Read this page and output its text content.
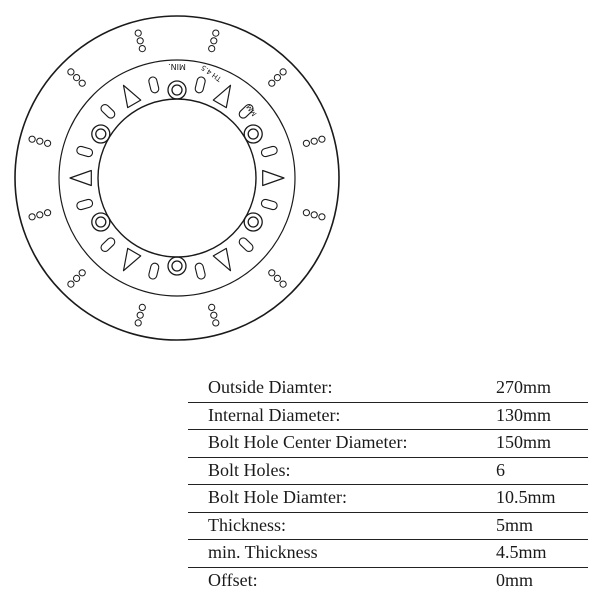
MIN. TH 4.5
MM
Outside Diamter:	270mm
Internal Diameter:	130mm
Bolt Hole Center Diameter:	150mm
Bolt Holes:	6
Bolt Hole Diamter:	10.5mm
Thickness:	5mm
min. Thickness	4.5mm
Offset:	0mm
